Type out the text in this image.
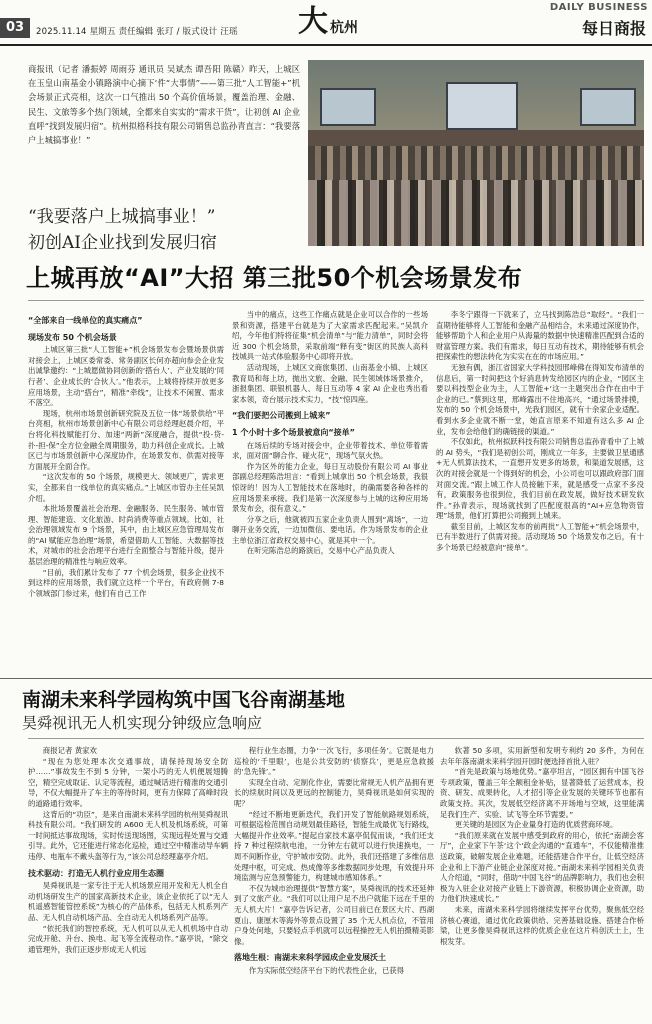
03	2025.11.14 星期五 责任编辑 张玎 / 版式设计 汪瑶 大 杭州
DAILY BUSINESS
每日商报
商报讯（记者 潘振婷 周雨芬 通讯员 吴斌杰 谭吾阳 陈赣）昨天，上城区在玉皇山南基金小镇路演中心摘下‘件“大事情”——第三批“人工智能+”机会场景正式亮相，这次一口气推出 50 个高价值场景，覆盖治理、金融、民生、文旅等多个热门领域，全都来自实实的“需求干货”，让初创 AI 企业直呼“找到发展归宿”。杭州拟格科技有限公司销售总监孙青直言：“我要落户上城搞事业！”
“我要落户上城搞事业！”
初创AI企业找到发展归宿
上城再放“AI”大招 第三批50个机会场景发布

“全部来自一线单位的真实痛点”

现场发布 50 个机会场景

上城区第三批“人工智能+”机会场景发布会暨场景供需对接会上，上城区委常委、常务副区长何亦超向参会企业发出诚挚邀约：“上城愿做协同创新的‘搭台人’、产业发展的‘同行者’、企业成长的‘合伙人’。”他表示，上城将持续开放更多应用场景，主动“搭台”，精准“牵线”，让技术不闲置、需求不落空。

现场，杭州市场景创新研究院及五位一体“场景供给”平台亮相，杭州市场景创新中心有限公司总经理赵晨介绍，平台将化科技赋能打分、加速“两新”深度融合，提供“投-贷-扑-担-保”全方位金融全周期服务，助力科创企业成长。上城区已与市场景创新中心深度协作，在场景发布、供需对接等方面展开全面合作。

“这次发布的 50 个场景，规模更大、领域更广，需求更实，全都来自一线单位的真实痛点。”上城区市管办主任吴凯介绍。

本批场景覆盖社会治理、金融服务、民生服务、城市管理、智能建造、文化旅游、时尚消费等重点领域。比如，社会治理领域发布 9 个场景，其中，由上城区应急管理局发布的“AI 赋能应急治理”场景，希望借助人工智能、大数据等技术，对城市的社会治理平台进行全面整合与智能升级，提升基层治理的精准性与响应效率。

“目前，我们累计发布了 77 个机会场景，很多企业找不到这样的应用场景，我们就立这样一个平台，有政府侧 7-8 个领域部门参过来，他们有自己工作

当中的痛点，这些工作痛点就是企业可以合作的一些场景和资源，搭建平台就是为了大家需求匹配起来。”吴凯介绍，今年他们特将征集“机会清单”与“能力清单”，同时会将近 300 个机会场景，采取前端“释有变”街区的民族人高科技城具一站式体验服务中心即将开放。

活动现场，上城区文商旅集团、山南基金小镇、上城区教育局和每上坊，抛出文旅、金融、民生领域体场景推介，浙报集团、联银机器人、每日互动等 4 家 AI 企业也秀出看家本领，奇台展示技术实力，“技”惊四座。

“我们要把公司搬到上城来”

1 个小时十多个场景被意向“接单”

在场后续的专场对接会中，企业带着技术、单位带着需求，面对面“聊合作、碰火花”，现场气氛火热。

作为区外的能力企业，每日互动股份有限公司 AI 事业部副总经理陈浩坦言：“看到上城拿出 50 个机会场景，我很惊讶的！因为人工智能技术在落地时，的确需要各种各样的应用场景来承接。我们是第一次深度参与上城的这种应用场景发布会，很有意义。”

分享之后，他就被四五家企业负责人围到“离场”，一边聊开业务交流，一边加微信、要电话。作为场景发布的企业主单位浙江省政权交易中心，就是其中一个。

在听完陈浩总的路演后，交易中心产品负责人

李冬宁跟得一下就来了，立马找到陈浩总“取经”。“我们一直期待能够将人工智能和金融产品相结合，未来通过深度协作，能够帮助个人和企业用户从海量的数据中快速精准匹配到合适的财富管理方案。我们有需求，每日互动有技术，期待能够有机会把探索性的想法转化为实实在在的市场应用。”

无独有偶，浙江省国家大学科技园邢峰佛在得知发布清单的信息后，第一时间把这个好消息转发给园区内的企业，“园区主要以科技型企业为主，人工智能+‘这一主题突出合作在由中于企业的已。”蔡到这里，邢峰露出不住地高兴，“通过场景排摸，发布的 50 个机会场景中，光我们园区，就有十余家企业适配。看到水多企业就不断一堂，她直言原来不知道有这么多 AI 企业，发布会给他们的确链接的渠道。”

不仅如此，杭州拟跃科技有限公司销售总监孙青看中了上城的 AI 势头，“我们是初创公司，刚成立一年多，主要做卫星通感+无人机算法技术，一直想开发更多的场景，和渠道发展感，这次的对接会就是一个得到好的机会，小公司也可以跟政府部门面对面交流。”跟上城工作人员接触下来，就是感受一点家不多没有，政策服务也很到位，我们目前在政发展，做好技术研发软件。”孙青表示，现场就找到了匹配度很高的“AI+应急物资管理”场景，他们打算把公司搬到上城来。

截至目前，上城区发布的前两批“人工智能+”机会场景中，已有半数进行了供需对接。活动现场 50 个场景发布之后，有十多个场景已经被意向“接单”。

南湖未来科学园构筑中国飞谷南湖基地
昊舜视讯无人机实现分钟级应急响应

商报记者 黄家欢

“现在为您处理本次交通事故，请保持现场安全防护……”事故发生不到 5 分钟，一架小巧的无人机便展翅腾空，精空完成取证、认定等流程，通过喊话进行精准的交通引导，不仅大幅提升了车主的等待时间，更有力保障了高峰时段的道路通行效率。

这背后的“功臣”，是来自南湖未来科学园的杭州昊舜视讯科技有限公司。“我们研发的 A600 无人机及机场系统，可第一时间抵达事故现场，实时传送现场图，实现远程处置与交通引导。此外，它还能进行常态化巡检，通过空中精准动导车辆违停、电瓶车不戴头盔等行为，”该公司总经理嘉亭介绍。

技术驱动：打造无人机行业应用生态圈

昊舜视讯是一家专注于无人机场景应用开发和无人机全自动机场研发生产的国家高新技术企业，该企业依托了以“无人机遥感智能管控系统”为核心的产品体系，包括无人机系列产品、无人机自动机场产品、全自动无人机场系列产品等。

“依托我们的智控系统，无人机可以从无人机机场中自动完成开舱、升台、换电、起飞等全流程动作。”嘉亭说，“除交通管理外，我们正逐步形成无人机远

程行业生态圈，力争‘一次飞行，多项任务’。它既是电力巡检的‘千里眼’，也是公共安防的‘侦察兵’，更是应急救援的‘急先锋’。”

实现全自动、定制化作业，需要比常规无人机产品拥有更长的续航时间以及更远的控制能力，昊舜视讯是如何实现的呢？

“经过不断地更新迭代，我们开发了智能航路规划系统，可根据巡检范围自动规划最佳路径，智能生成最优飞行路线，大幅提升作业效率。”提起自家技术嘉亭侃侃而谈，“我们还支持 7 种过程续航电池，一分钟左右就可以进行快速换电，一周不间断作业，守护城市安防。此外，我们还搭建了多维信息处理中枢，可完成、热成像等多维数据同步处理，有效提升环境监测与应急预警能力，构建城市感知体系。”

不仅为城市治理提供“智慧方案”，昊舜视讯的技术还延伸到了文旅产业。“我们可以让用户足不出户就能下远在千里的无人机大片！”嘉亭告诉记者，公司目前已在景区大片、西湖夏山、康厘木等海外等景点设置了 35 个无人机点位，不管用户身处何地，只要轻点手机就可以远程操控无人机拍摄精美影像。

落地生根：南湖未来科学园成企业发展沃土

作为实际低空经济平台下的代表性企业，已获得

软著 50 多项，实用新型和发明专利约 20 多件，为何在去年年落南湖未来科学园开园时便选择首批入驻？

“首先是政策与场地优势。”嘉亭坦言，“园区拥有中国飞谷专项政策，覆盖三年全额租金补贴，显著降低了运营成本，投资、研发、成果转化，人才招引等企业发展的关键环节也都有政策支持。其次，发展低空经济离不开场地与空域，这里能满足我们生产、实验、试飞等全环节需要。”

更关键的是园区为企业量身打造的优质营商环境。

“我们原来就在发展中感受到政府的用心，依托“南湖会客厅”，企业家下午茶‘这个‘政企沟通的“直通车”，不仅能精准推送政策，破解发展企业难题，还能搭建合作平台，让低空经济企业和上下游产业链企业深度对接。”南湖未来科学园相关负责人介绍道，“同时，借助“中国飞谷”的品牌影响力，我们也会积极为入驻企业对接产业链上下游资源，积极协调企业资源，助力他们快速成长。”

未来，南湖未来科学园将继续发挥平台优势，聚焦低空经济核心赛道，通过优化政策供给、完善基础设施、搭建合作桥梁，让更多像昊舜视讯这样的优质企业在这片科创沃土上，生根发芽。
